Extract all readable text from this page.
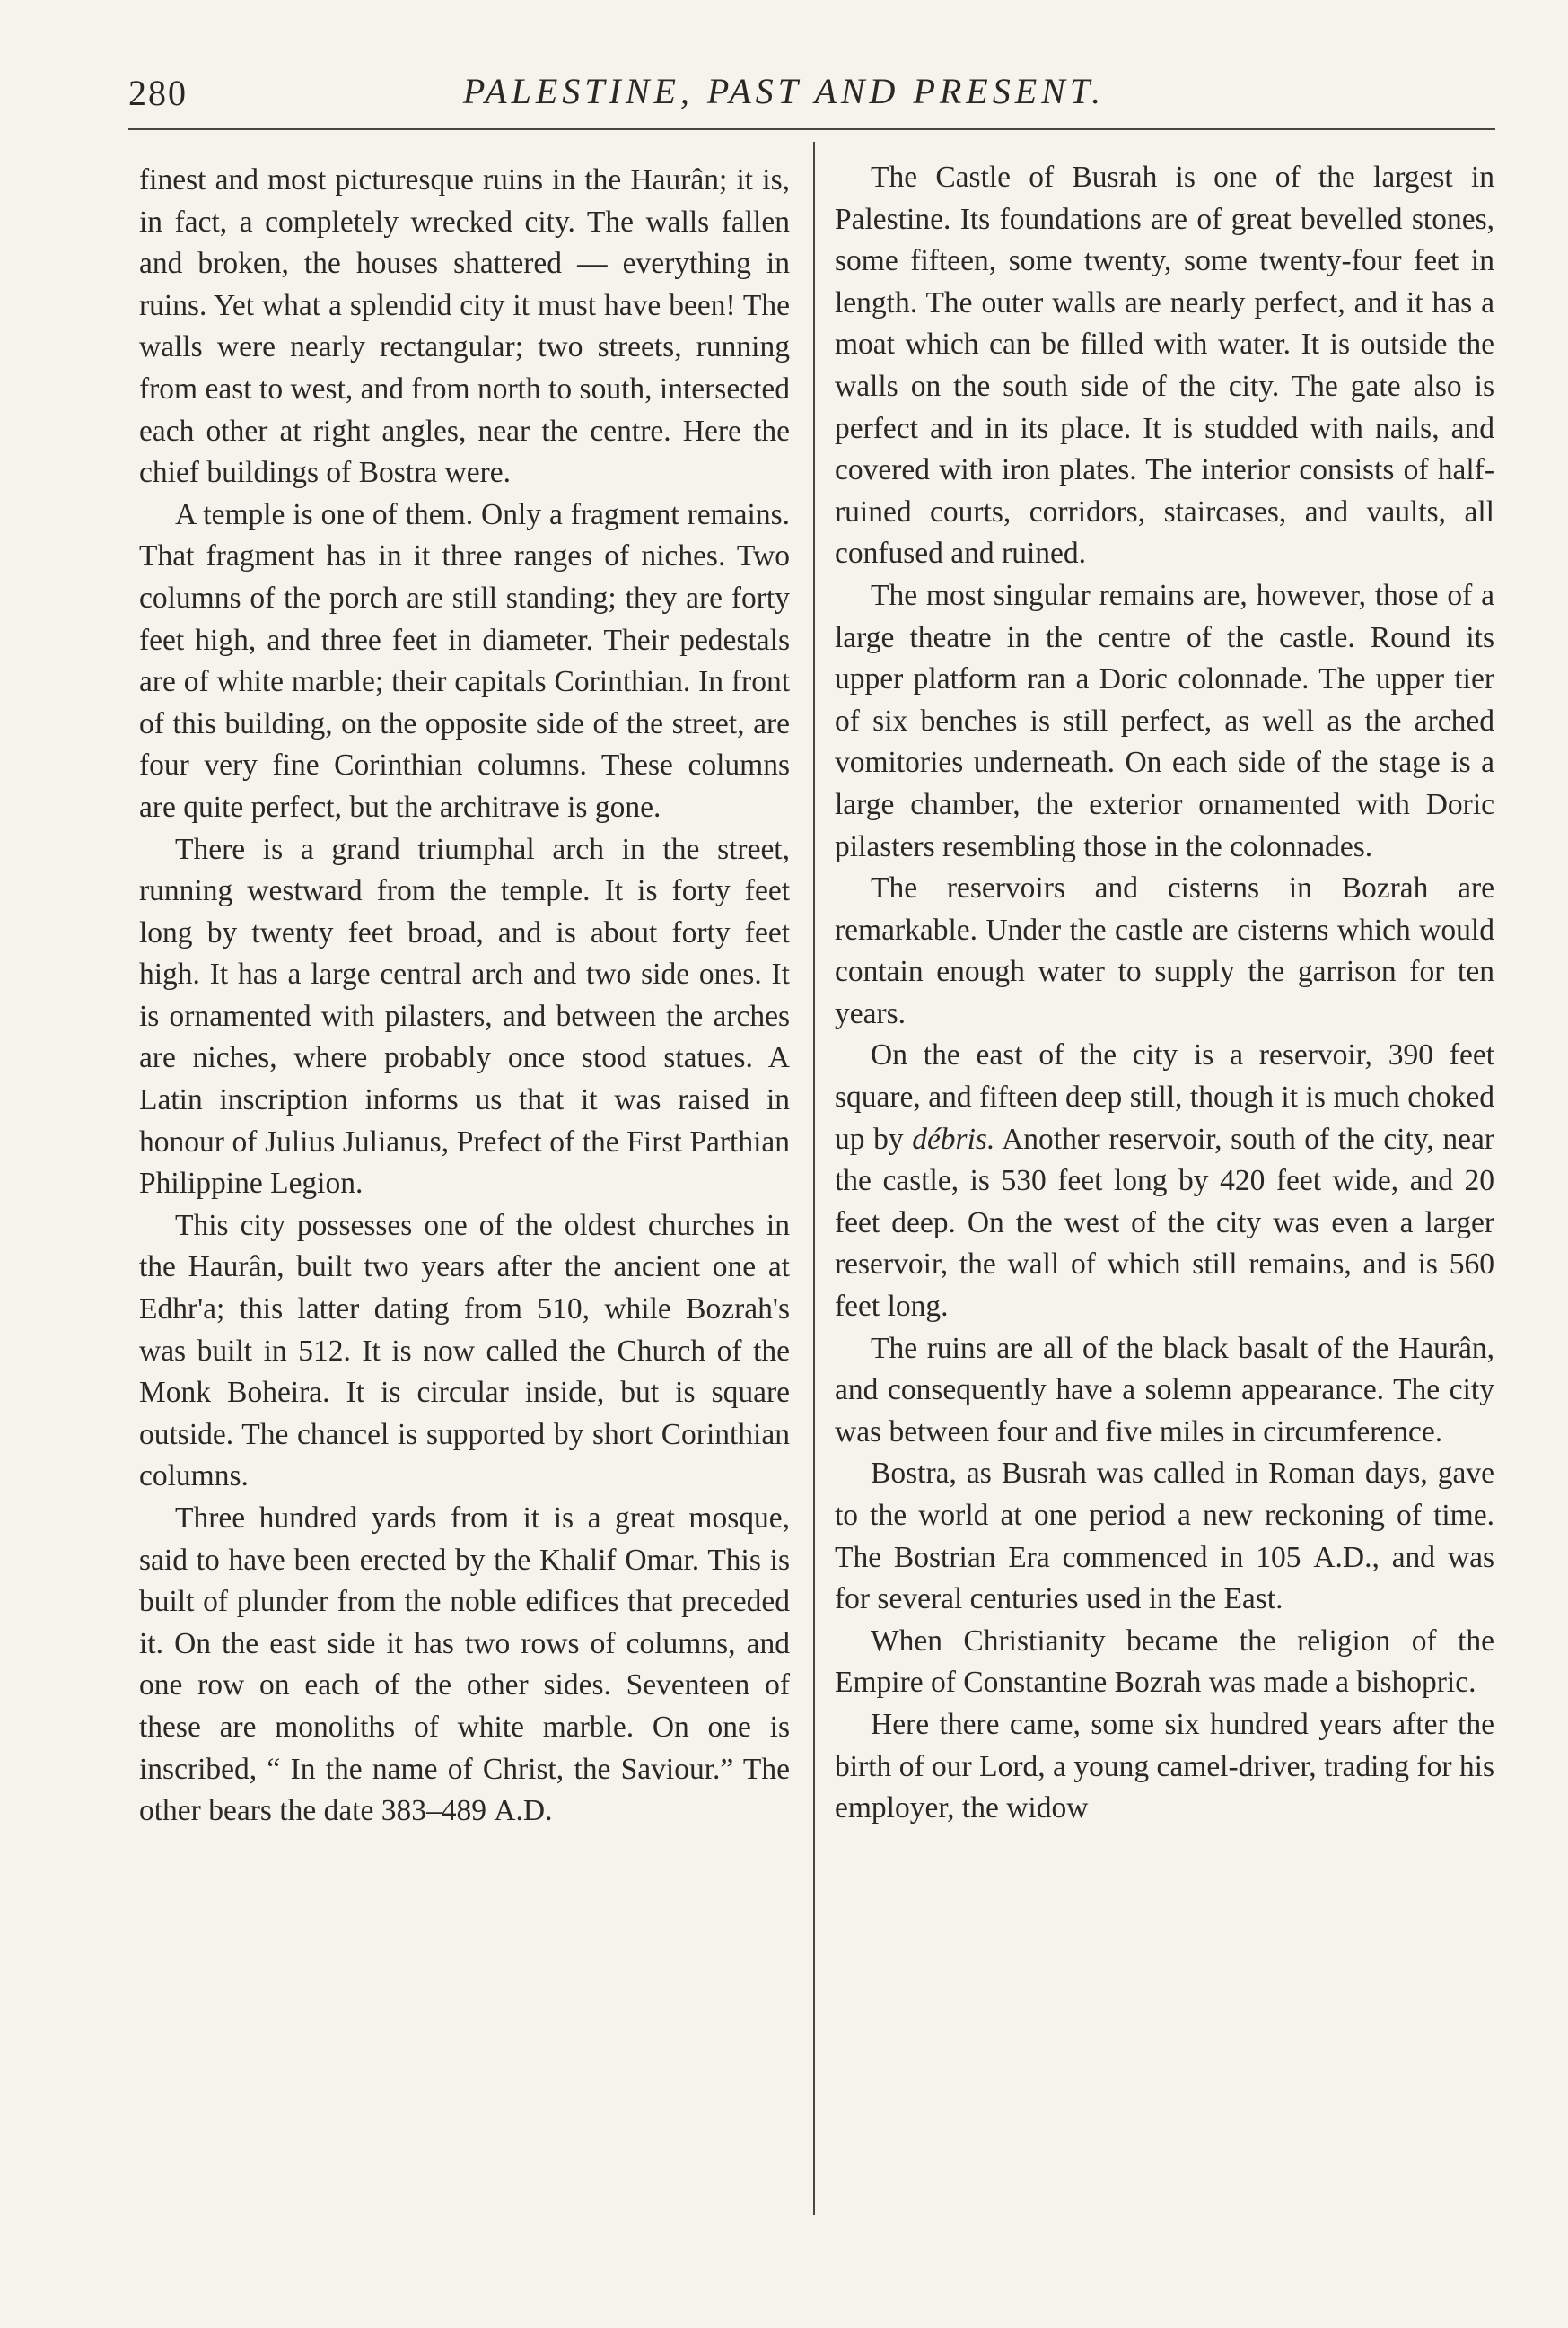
280	PALESTINE, PAST AND PRESENT.

finest and most picturesque ruins in the Haurân; it is, in fact, a completely wrecked city. The walls fallen and broken, the houses shattered — everything in ruins. Yet what a splendid city it must have been! The walls were nearly rectangular; two streets, running from east to west, and from north to south, intersected each other at right angles, near the centre. Here the chief buildings of Bostra were.

A temple is one of them. Only a fragment remains. That fragment has in it three ranges of niches. Two columns of the porch are still standing; they are forty feet high, and three feet in diameter. Their pedestals are of white marble; their capitals Corinthian. In front of this building, on the opposite side of the street, are four very fine Corinthian columns. These columns are quite perfect, but the architrave is gone.

There is a grand triumphal arch in the street, running westward from the temple. It is forty feet long by twenty feet broad, and is about forty feet high. It has a large central arch and two side ones. It is ornamented with pilasters, and between the arches are niches, where probably once stood statues. A Latin inscription informs us that it was raised in honour of Julius Julianus, Prefect of the First Parthian Philippine Legion.

This city possesses one of the oldest churches in the Haurân, built two years after the ancient one at Edhr'a; this latter dating from 510, while Bozrah's was built in 512. It is now called the Church of the Monk Boheira. It is circular inside, but is square outside. The chancel is supported by short Corinthian columns.

Three hundred yards from it is a great mosque, said to have been erected by the Khalif Omar. This is built of plunder from the noble edifices that preceded it. On the east side it has two rows of columns, and one row on each of the other sides. Seventeen of these are monoliths of white marble. On one is inscribed, “ In the name of Christ, the Saviour.” The other bears the date 383–489 A.D.

The Castle of Busrah is one of the largest in Palestine. Its foundations are of great bevelled stones, some fifteen, some twenty, some twenty-four feet in length. The outer walls are nearly perfect, and it has a moat which can be filled with water. It is outside the walls on the south side of the city. The gate also is perfect and in its place. It is studded with nails, and covered with iron plates. The interior consists of half-ruined courts, corridors, staircases, and vaults, all confused and ruined.

The most singular remains are, however, those of a large theatre in the centre of the castle. Round its upper platform ran a Doric colonnade. The upper tier of six benches is still perfect, as well as the arched vomitories underneath. On each side of the stage is a large chamber, the exterior ornamented with Doric pilasters resembling those in the colonnades.

The reservoirs and cisterns in Bozrah are remarkable. Under the castle are cisterns which would contain enough water to supply the garrison for ten years.

On the east of the city is a reservoir, 390 feet square, and fifteen deep still, though it is much choked up by débris. Another reservoir, south of the city, near the castle, is 530 feet long by 420 feet wide, and 20 feet deep. On the west of the city was even a larger reservoir, the wall of which still remains, and is 560 feet long.

The ruins are all of the black basalt of the Haurân, and consequently have a solemn appearance. The city was between four and five miles in circumference.

Bostra, as Busrah was called in Roman days, gave to the world at one period a new reckoning of time. The Bostrian Era commenced in 105 A.D., and was for several centuries used in the East.

When Christianity became the religion of the Empire of Constantine Bozrah was made a bishopric.

Here there came, some six hundred years after the birth of our Lord, a young camel-driver, trading for his employer, the widow
